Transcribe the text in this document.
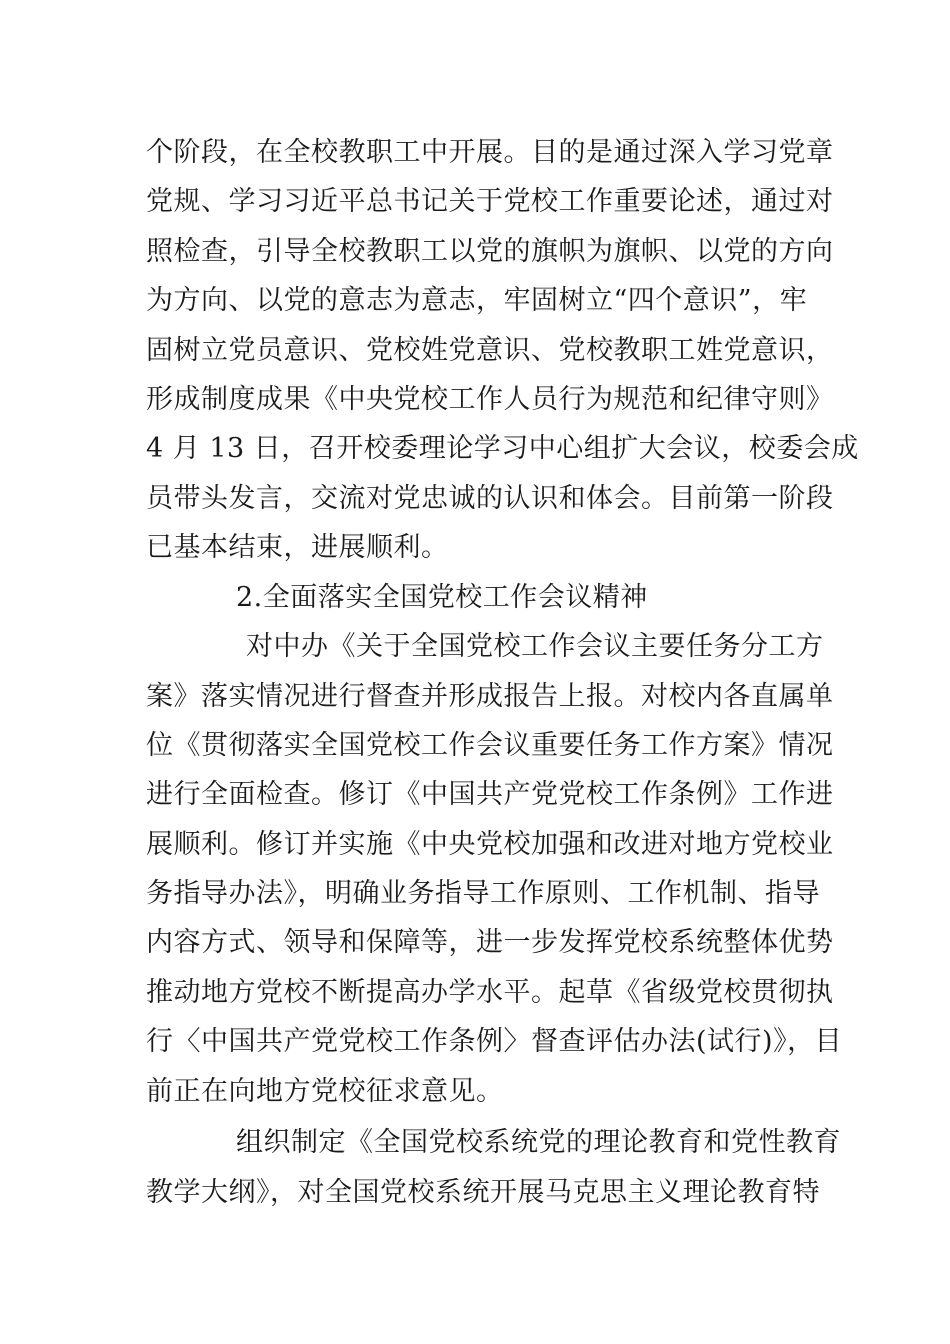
个阶段，在全校教职工中开展。目的是通过深入学习党章
党规、学习习近平总书记关于党校工作重要论述，通过对
照检查，引导全校教职工以党的旗帜为旗帜、以党的方向
为方向、以党的意志为意志，牢固树立“四个意识”，牢
固树立党员意识、党校姓党意识、党校教职工姓党意识，
形成制度成果《中央党校工作人员行为规范和纪律守则》
4 月 13 日，召开校委理论学习中心组扩大会议，校委会成
员带头发言，交流对党忠诚的认识和体会。目前第一阶段
已基本结束，进展顺利。
2.全面落实全国党校工作会议精神
对中办《关于全国党校工作会议主要任务分工方
案》落实情况进行督查并形成报告上报。对校内各直属单
位《贯彻落实全国党校工作会议重要任务工作方案》情况
进行全面检查。修订《中国共产党党校工作条例》工作进
展顺利。修订并实施《中央党校加强和改进对地方党校业
务指导办法》，明确业务指导工作原则、工作机制、指导
内容方式、领导和保障等，进一步发挥党校系统整体优势
推动地方党校不断提高办学水平。起草《省级党校贯彻执
行〈中国共产党党校工作条例〉督查评估办法(试行)》，目
前正在向地方党校征求意见。
组织制定《全国党校系统党的理论教育和党性教育
教学大纲》，对全国党校系统开展马克思主义理论教育特
